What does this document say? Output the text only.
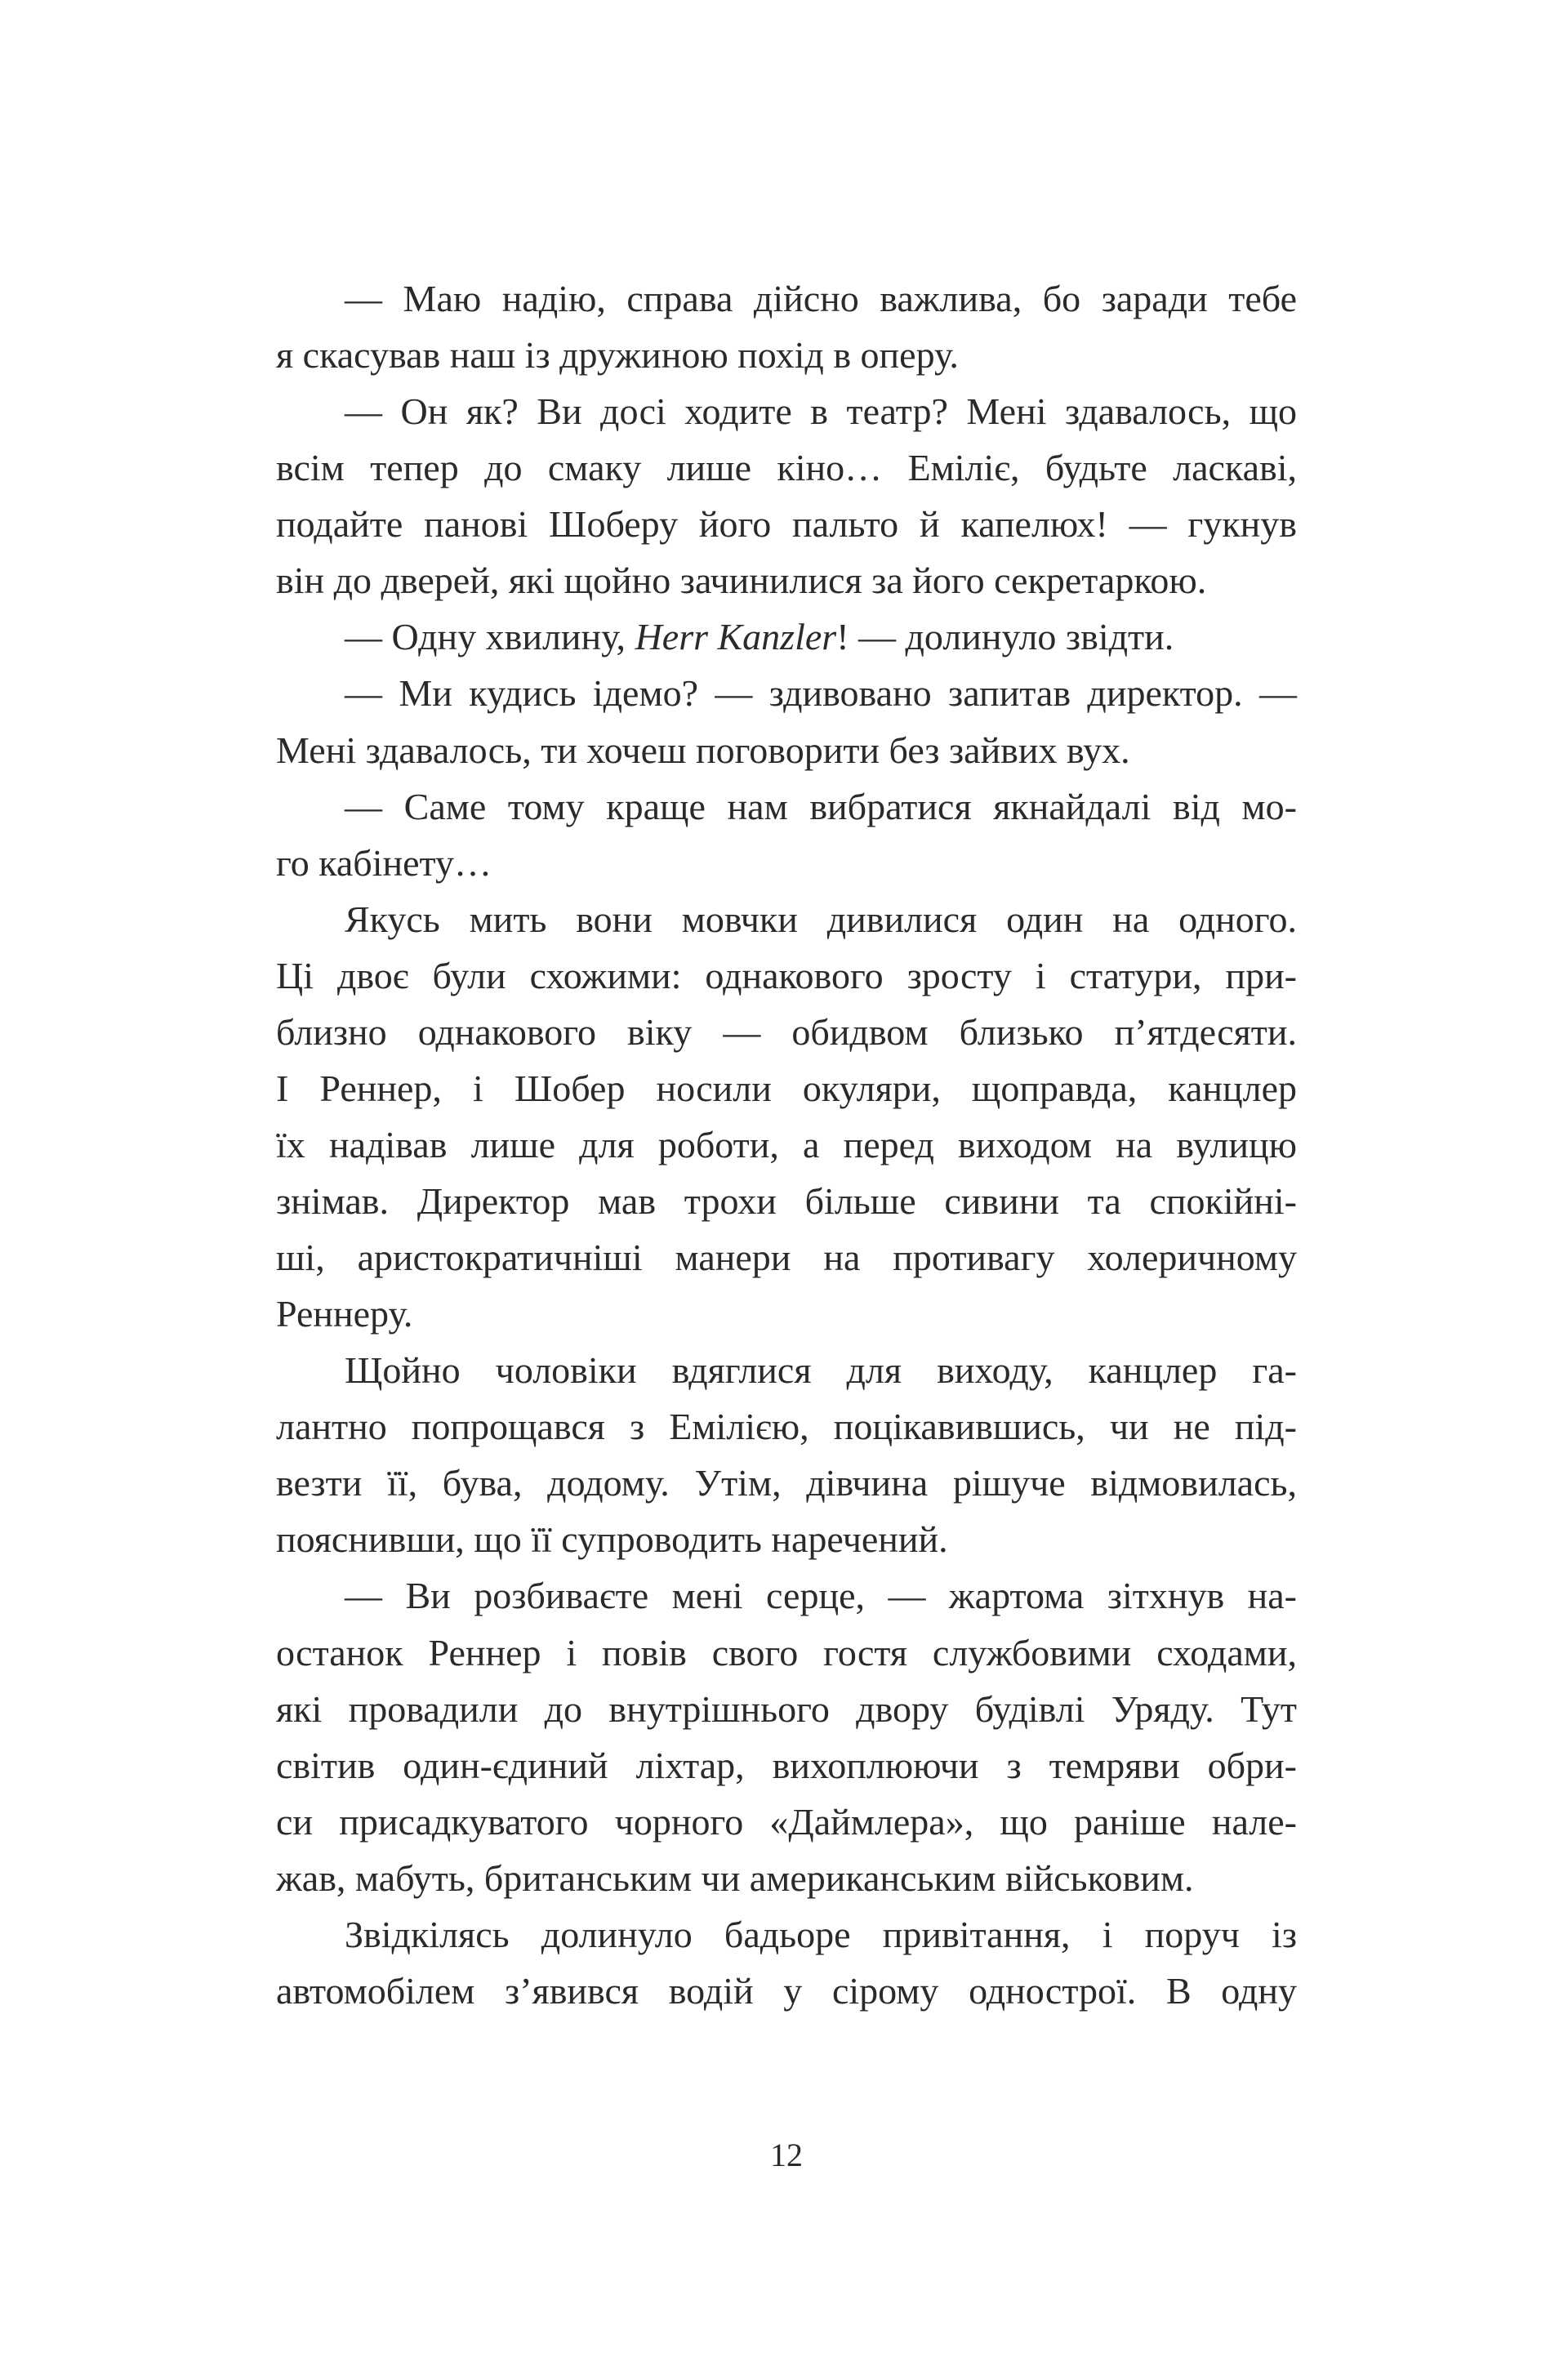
— Маю надію, справа дійсно важлива, бо заради тебе
я скасував наш із дружиною похід в оперу.
— Он як? Ви досі ходите в театр? Мені здавалось, що
всім тепер до смаку лише кіно… Еміліє, будьте ласкаві,
подайте панові Шоберу його пальто й капелюх! — гукнув
він до дверей, які щойно зачинилися за його секретаркою.
— Одну хвилину, Herr Kanzler! — долинуло звідти.
— Ми кудись ідемо? — здивовано запитав директор. —
Мені здавалось, ти хочеш поговорити без зайвих вух.
— Саме тому краще нам вибратися якнайдалі від мо-
го кабінету…
Якусь мить вони мовчки дивилися один на одного.
Ці двоє були схожими: однакового зросту і статури, при-
близно однакового віку — обидвом близько п’ятдесяти.
І Реннер, і Шобер носили окуляри, щоправда, канцлер
їх надівав лише для роботи, а перед виходом на вулицю
знімав. Директор мав трохи більше сивини та спокійні-
ші, аристократичніші манери на противагу холеричному
Реннеру.
Щойно чоловіки вдяглися для виходу, канцлер га-
лантно попрощався з Емілією, поцікавившись, чи не під-
везти її, бува, додому. Утім, дівчина рішуче відмовилась,
пояснивши, що її супроводить наречений.
— Ви розбиваєте мені серце, — жартома зітхнув на-
останок Реннер і повів свого гостя службовими сходами,
які провадили до внутрішнього двору будівлі Уряду. Тут
світив один-єдиний ліхтар, вихоплюючи з темряви обри-
си присадкуватого чорного «Даймлера», що раніше нале-
жав, мабуть, британським чи американським військовим.
Звідкілясь долинуло бадьоре привітання, і поруч із
автомобілем з’явився водій у сірому однострої. В одну
12
